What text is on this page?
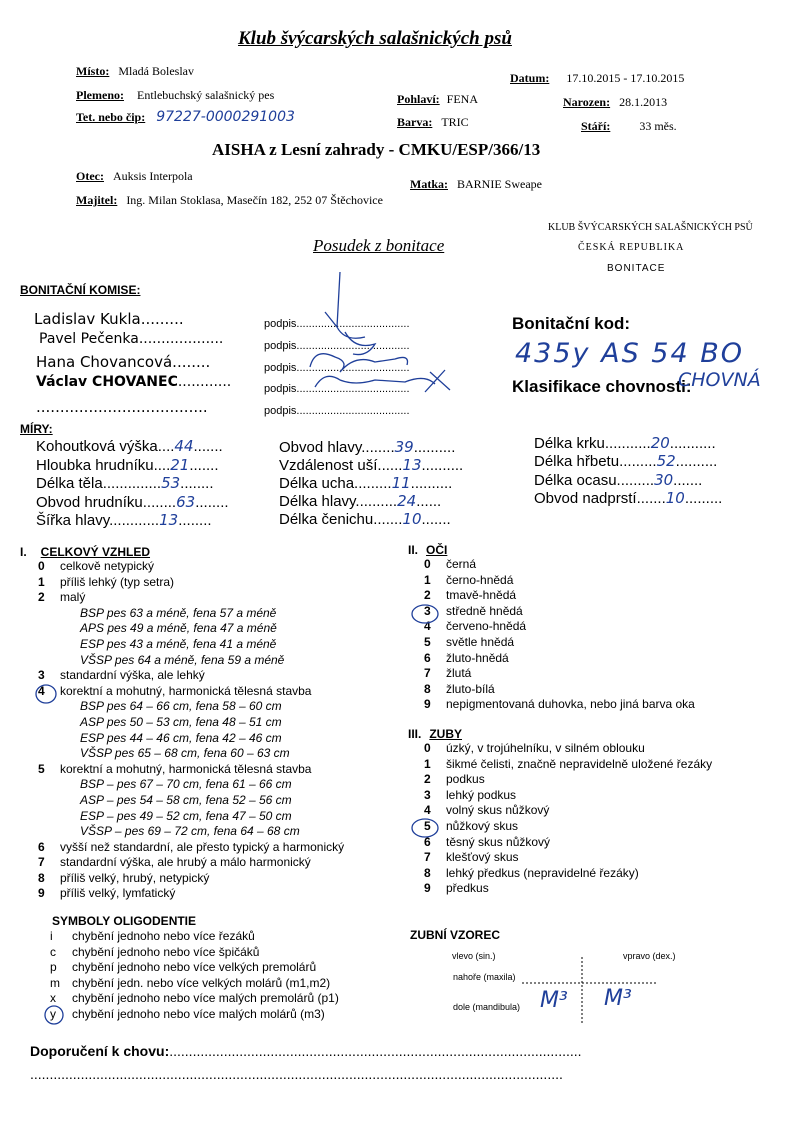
Klub švýcarských salašnických psů
Místo: Mladá Boleslav	Datum: 17.10.2015 - 17.10.2015
Plemeno: Entlebuchský salašnický pes	Pohlaví: FENA	Narozen: 28.1.2013
Tet. nebo čip: 97227-0000291003	Barva: TRIC	Stáří: 33 měs.
AISHA z Lesní zahrady - CMKU/ESP/366/13
Otec: Auksis Interpola
Matka: BARNIE Sweape
Majitel: Ing. Milan Stoklasa, Masečín 182, 252 07 Štěchovice
KLUB ŠVÝCARSKÝCH SALAŠNICKÝCH PSŮ
ČESKÁ REPUBLIKA
BONITACE
Posudek z bonitace
BONITAČNÍ KOMISE:
Ladislav Kukla.........
Pavel Pečenka...................
Hana Chovancová........
Václav CHOVANEC............
....................................
podpis.....................................
podpis.....................................
podpis.....................................
podpis.....................................
podpis.....................................
Bonitační kod:
435y AS 54 BO
Klasifikace chovnosti:
CHOVNÁ
MÍRY:
Kohoutková výška....44.......
Hloubka hrudníku....21.......
Délka těla..............53........
Obvod hrudníku........63........
Šířka hlavy............13........
Obvod hlavy........39..........
Vzdálenost uší......13..........
Délka ucha.........11..........
Délka hlavy..........24......
Délka čenichu.......10.......
Délka krku...........20...........
Délka hřbetu.........52..........
Délka ocasu.........30.......
Obvod nadprstí.......10.........
I. CELKOVÝ VZHLED
0 celkově netypický
1 příliš lehký (typ setra)
2 malý
BSP pes 63 a méně, fena 57 a méně
APS pes 49 a méně, fena 47 a méně
ESP pes 43 a méně, fena 41 a méně
VŠSP pes 64 a méně, fena 59 a méně
3 standardní výška, ale lehký
4 korektní a mohutný, harmonická tělesná stavba
BSP pes 64 – 66 cm, fena 58 – 60 cm
ASP pes 50 – 53 cm, fena 48 – 51 cm
ESP pes 44 – 46 cm, fena 42 – 46 cm
VŠSP pes 65 – 68 cm, fena 60 – 63 cm
5 korektní a mohutný, harmonická tělesná stavba
BSP – pes 67 – 70 cm, fena 61 – 66 cm
ASP – pes 54 – 58 cm, fena 52 – 56 cm
ESP – pes 49 – 52 cm, fena 47 – 50 cm
VŠSP – pes 69 – 72 cm, fena 64 – 68 cm
6 vyšší než standardní, ale přesto typický a harmonický
7 standardní výška, ale hrubý a málo harmonický
8 příliš velký, hrubý, netypický
9 příliš velký, lymfatický
II. OČI
0 černá
1 černo-hnědá
2 tmavě-hnědá
3 středně hnědá
4 červeno-hnědá
5 světle hnědá
6 žluto-hnědá
7 žlutá
8 žluto-bílá
9 nepigmentovaná duhovka, nebo jiná barva oka
III. ZUBY
0 úzký, v trojúhelníku, v silném oblouku
1 šikmé čelisti, značně nepravidelně uložené řezáky
2 podkus
3 lehký podkus
4 volný skus nůžkový
5 nůžkový skus
6 těsný skus nůžkový
7 klešťový skus
8 lehký předkus (nepravidelné řezáky)
9 předkus
SYMBOLY OLIGODENTIE
i chybění jednoho nebo více řezáků
c chybění jednoho nebo více špičáků
p chybění jednoho nebo více velkých premolárů
m chybění jedn. nebo více velkých molárů (m1,m2)
x chybění jednoho nebo více malých premolárů (p1)
y chybění jednoho nebo více malých molárů (m3)
ZUBNÍ VZOREC
vlevo (sin.)	vpravo (dex.)
nahoře (maxila)
dole (mandibula) M³ M³
Doporučení k chovu:..........................................................................................................
.........................................................................................................................................
